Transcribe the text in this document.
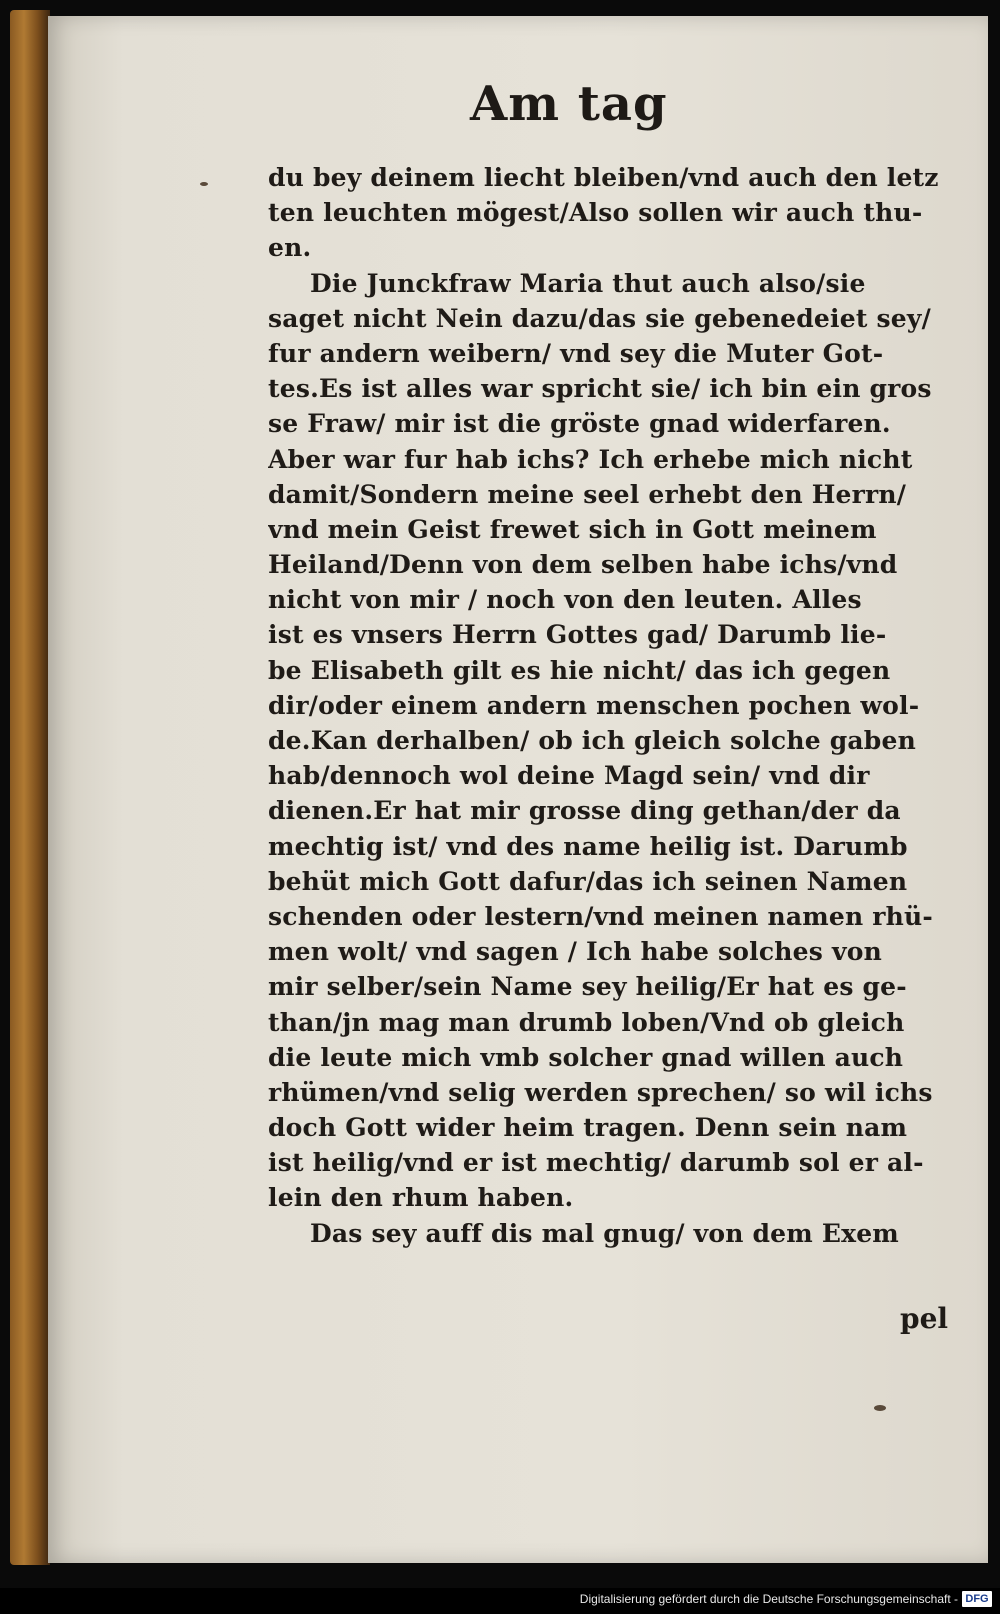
Am tag
du bey deinem liecht bleiben/vnd auch den letz
ten leuchten mögest/Also sollen wir auch thu-
en.
Die Junckfraw Maria thut auch also/sie
saget nicht Nein dazu/das sie gebenedeiet sey/
fur andern weibern/ vnd sey die Muter Got-
tes.Es ist alles war spricht sie/ ich bin ein gros
se Fraw/ mir ist die gröste gnad widerfaren.
Aber war fur hab ichs? Ich erhebe mich nicht
damit/Sondern meine seel erhebt den Herrn/
vnd mein Geist frewet sich in Gott meinem
Heiland/Denn von dem selben habe ichs/vnd
nicht von mir / noch von den leuten. Alles
ist es vnsers Herrn Gottes gad/ Darumb lie-
be Elisabeth gilt es hie nicht/ das ich gegen
dir/oder einem andern menschen pochen wol-
de.Kan derhalben/ ob ich gleich solche gaben
hab/dennoch wol deine Magd sein/ vnd dir
dienen.Er hat mir grosse ding gethan/der da
mechtig ist/ vnd des name heilig ist. Darumb
behüt mich Gott dafur/das ich seinen Namen
schenden oder lestern/vnd meinen namen rhü-
men wolt/ vnd sagen / Ich habe solches von
mir selber/sein Name sey heilig/Er hat es ge-
than/jn mag man drumb loben/Vnd ob gleich
die leute mich vmb solcher gnad willen auch
rhümen/vnd selig werden sprechen/ so wil ichs
doch Gott wider heim tragen. Denn sein nam
ist heilig/vnd er ist mechtig/ darumb sol er al-
lein den rhum haben.
Das sey auff dis mal gnug/ von dem Exem
pel
Digitalisierung gefördert durch die Deutsche Forschungsgemeinschaft - DFG
